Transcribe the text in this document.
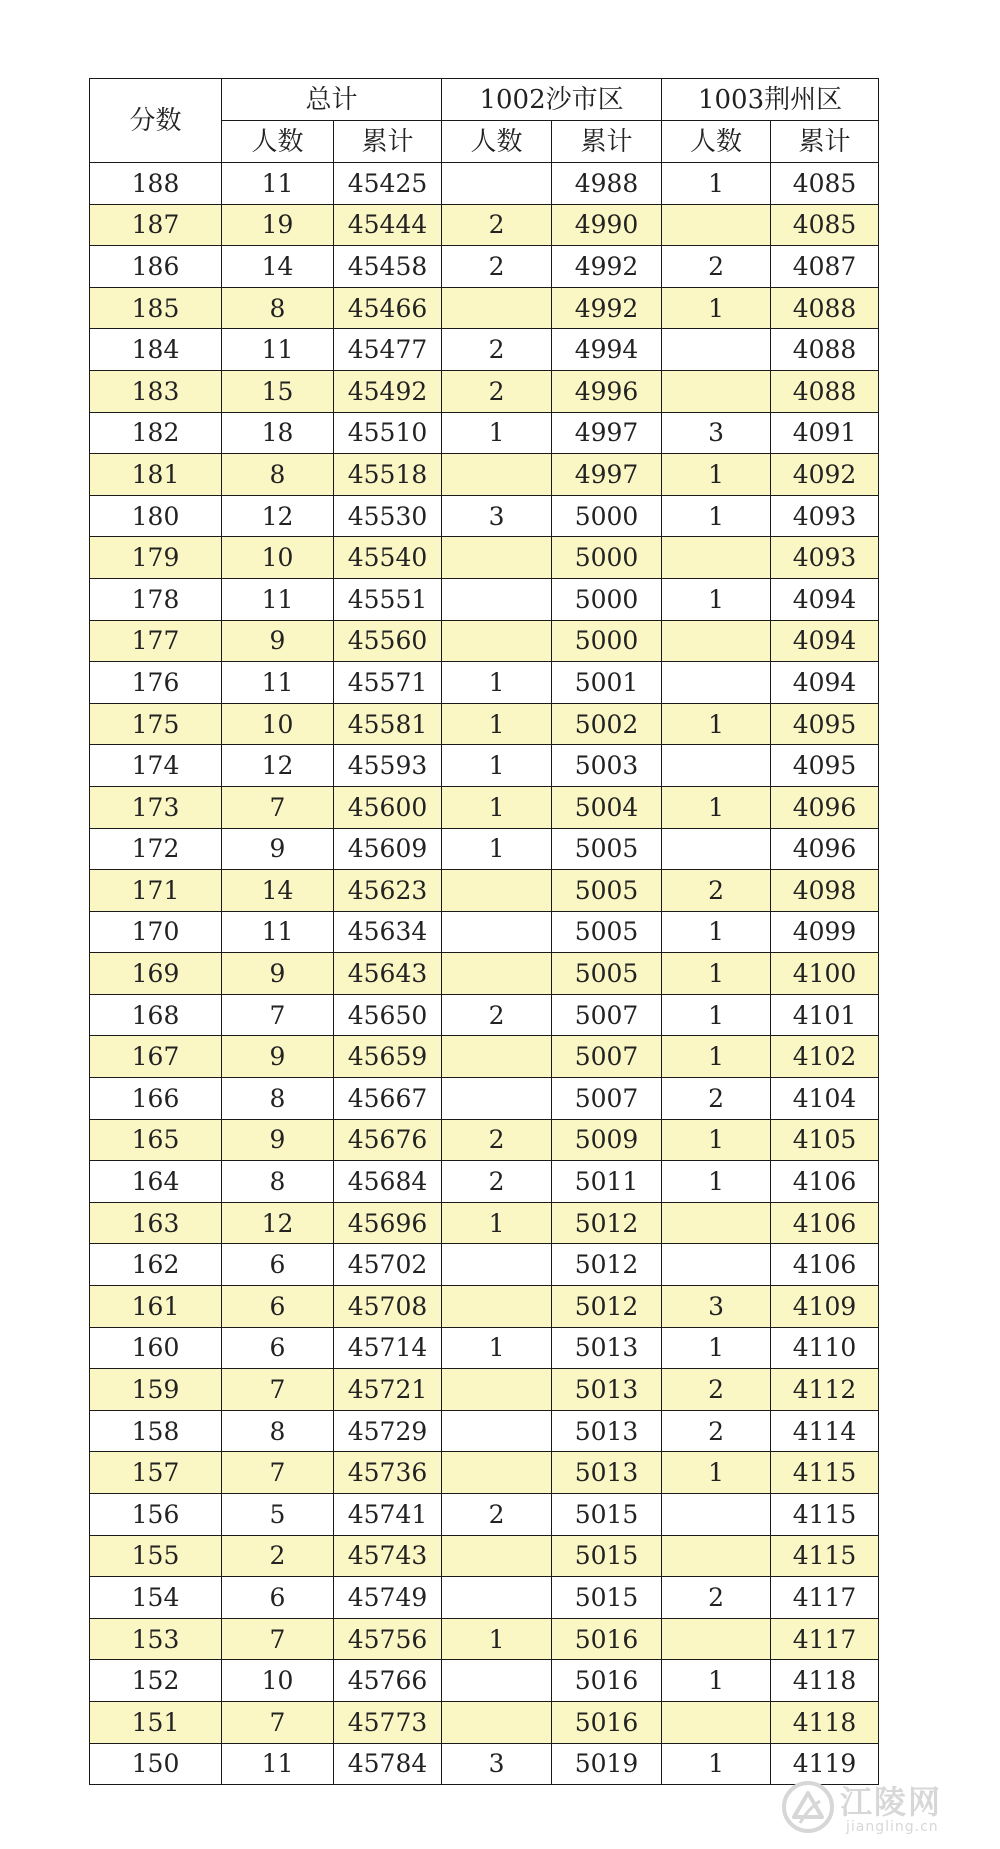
分数	总计		1002沙市区		1003荆州区	
	人数	累计	人数	累计	人数	累计
188	11	45425		4988	1	4085
187	19	45444	2	4990		4085
186	14	45458	2	4992	2	4087
185	8	45466		4992	1	4088
184	11	45477	2	4994		4088
183	15	45492	2	4996		4088
182	18	45510	1	4997	3	4091
181	8	45518		4997	1	4092
180	12	45530	3	5000	1	4093
179	10	45540		5000		4093
178	11	45551		5000	1	4094
177	9	45560		5000		4094
176	11	45571	1	5001		4094
175	10	45581	1	5002	1	4095
174	12	45593	1	5003		4095
173	7	45600	1	5004	1	4096
172	9	45609	1	5005		4096
171	14	45623		5005	2	4098
170	11	45634		5005	1	4099
169	9	45643		5005	1	4100
168	7	45650	2	5007	1	4101
167	9	45659		5007	1	4102
166	8	45667		5007	2	4104
165	9	45676	2	5009	1	4105
164	8	45684	2	5011	1	4106
163	12	45696	1	5012		4106
162	6	45702		5012		4106
161	6	45708		5012	3	4109
160	6	45714	1	5013	1	4110
159	7	45721		5013	2	4112
158	8	45729		5013	2	4114
157	7	45736		5013	1	4115
156	5	45741	2	5015		4115
155	2	45743		5015		4115
154	6	45749		5015	2	4117
153	7	45756	1	5016		4117
152	10	45766		5016	1	4118
151	7	45773		5016		4118
150	11	45784	3	5019	1	4119
江陵网
jiangling.cn
